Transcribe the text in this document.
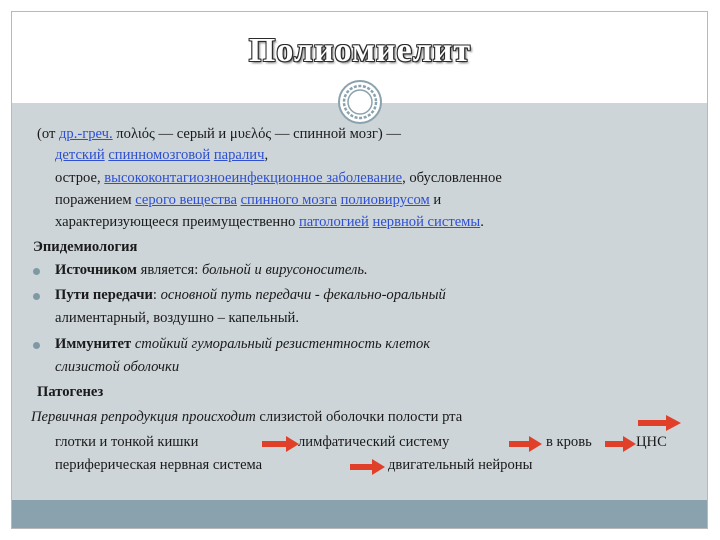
Полиомиелит
(от др.-греч. πολιός — серый и μυελός — спинной мозг) —
детский спинномозговой паралич,
острое, высококонтагиозноеинфекционное заболевание, обусловленное
поражением серого вещества спинного мозга полиовирусом и
характеризующееся преимущественно патологией нервной системы.
Эпидемиология
Источником является: больной и вирусоноситель.
Пути передачи: основной путь передачи - фекально-оральный
алиментарный, воздушно – капельный.
Иммунитет стойкий гуморальный резистентность клеток
слизистой оболочки
Патогенез
Первичная репродукция происходит слизистой оболочки полости рта
глотки и тонкой кишки	лимфатический систему	в кровь	ЦНС
периферическая нервная система	двигательный нейроны
